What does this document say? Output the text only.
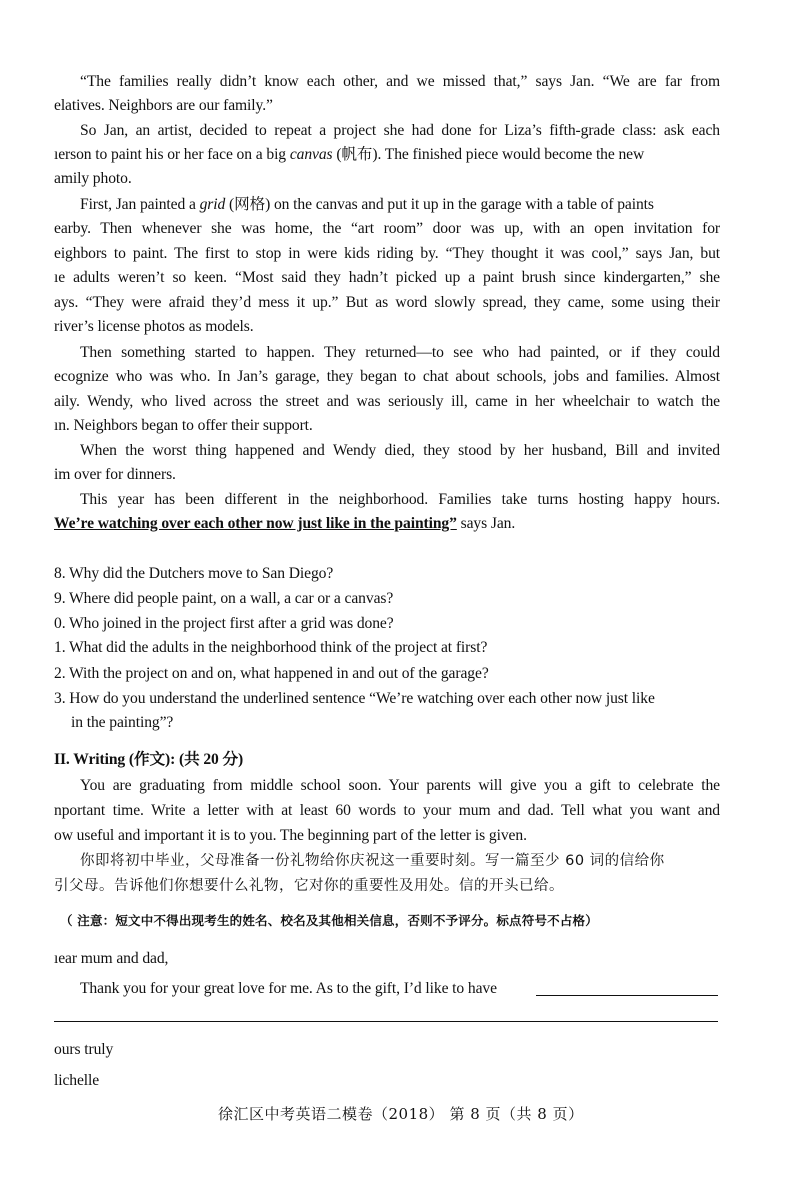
“The families really didn’t know each other, and we missed that,” says Jan. “We are far from
elatives. Neighbors are our family.”
So Jan, an artist, decided to repeat a project she had done for Liza’s fifth-grade class: ask each
ıerson to paint his or her face on a big canvas (帆布). The finished piece would become the new
amily photo.
First, Jan painted a grid (网格) on the canvas and put it up in the garage with a table of paints
earby. Then whenever she was home, the “art room” door was up, with an open invitation for
eighbors to paint. The first to stop in were kids riding by. “They thought it was cool,” says Jan, but
ıe adults weren’t so keen. “Most said they hadn’t picked up a paint brush since kindergarten,” she
ays. “They were afraid they’d mess it up.” But as word slowly spread, they came, some using their
river’s license photos as models.
Then something started to happen. They returned—to see who had painted, or if they could
ecognize who was who. In Jan’s garage, they began to chat about schools, jobs and families. Almost
aily. Wendy, who lived across the street and was seriously ill, came in her wheelchair to watch the
ın. Neighbors began to offer their support.
When the worst thing happened and Wendy died, they stood by her husband, Bill and invited
im over for dinners.
This year has been different in the neighborhood. Families take turns hosting happy hours.
We’re watching over each other now just like in the painting” says Jan.
8. Why did the Dutchers move to San Diego?
9. Where did people paint, on a wall, a car or a canvas?
0. Who joined in the project first after a grid was done?
1. What did the adults in the neighborhood think of the project at first?
2. With the project on and on, what happened in and out of the garage?
3. How do you understand the underlined sentence “We’re watching over each other now just like
in the painting”?
II. Writing (作文): (共 20 分)
You are graduating from middle school soon. Your parents will give you a gift to celebrate the
nportant time. Write a letter with at least 60 words to your mum and dad. Tell what you want and
ow useful and important it is to you. The beginning part of the letter is given.
你即将初中毕业，父母准备一份礼物给你庆祝这一重要时刻。写一篇至少 60 词的信给你
引父母。告诉他们你想要什么礼物，它对你的重要性及用处。信的开头已给。
（ 注意：短文中不得出现考生的姓名、校名及其他相关信息，否则不予评分。标点符号不占格）
ıear mum and dad,
Thank you for your great love for me. As to the gift, I’d like to have
ours truly
lichelle
徐汇区中考英语二模卷（2018） 第 8 页（共 8 页）
